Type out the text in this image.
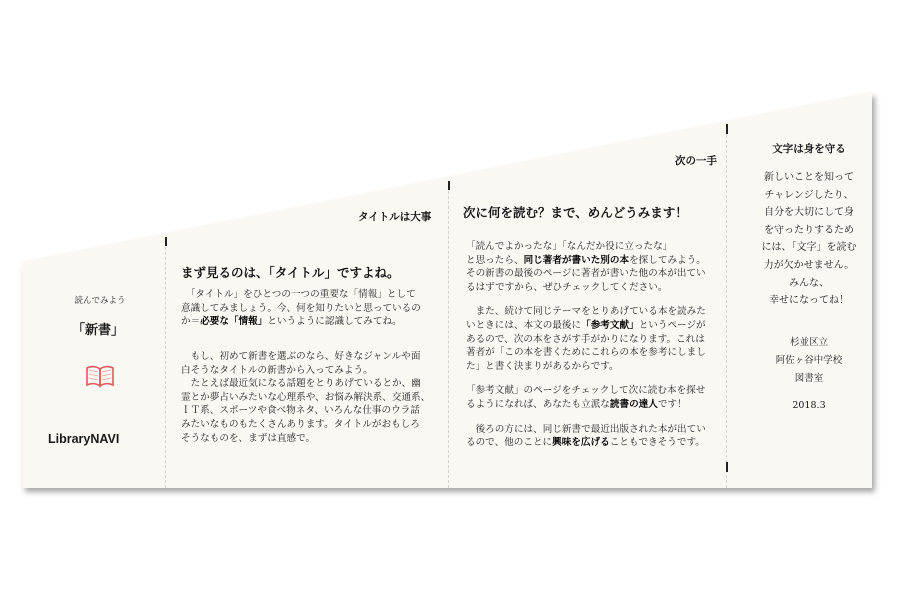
読んでみよう
「新書」
LibraryNAVI
タイトルは大事
まず見るのは、「タイトル」ですよね。

　「タイトル」をひとつの一つの重要な「情報」として
意識してみましょう。今、何を知りたいと思っているの
か＝必要な「情報」というように認識してみてね。

　もし、初めて新書を選ぶのなら、好きなジャンルや面
白そうなタイトルの新書から入ってみよう。
　たとえば最近気になる話題をとりあげているとか、幽
霊とか夢占いみたいな心理系や、お悩み解決系、交通系、
ＩＴ系、スポーツや食べ物ネタ、いろんな仕事のウラ話
みたいなものもたくさんあります。タイトルがおもしろ
そうなものを、まずは直感で。

次の一手
次に何を読む？まで、めんどうみます！

「読んでよかったな」「なんだか役に立ったな」
と思ったら、同じ著者が書いた別の本を探してみよう。
その新書の最後のページに著者が書いた他の本が出てい
るはずですから、ぜひチェックしてください。

　また、続けて同じテーマをとりあげている本を読みた
いときには、本文の最後に「参考文献」というページが
あるので、次の本をさがす手がかりになります。これは
著者が「この本を書くためにこれらの本を参考にしまし
た」と書く決まりがあるからです。

「参考文献」のページをチェックして次に読む本を探せ
るようになれば、あなたも立派な読書の達人です！

　後ろの方には、同じ新書で最近出版された本が出てい
るので、他のことに興味を広げることもできそうです。

文字は身を守る
新しいことを知って
チャレンジしたり、
自分を大切にして身
を守ったりするため
には、「文字」を読む
力が欠かせません。
みんな、
幸せになってね！
杉並区立
阿佐ヶ谷中学校
図書室
2018.3
